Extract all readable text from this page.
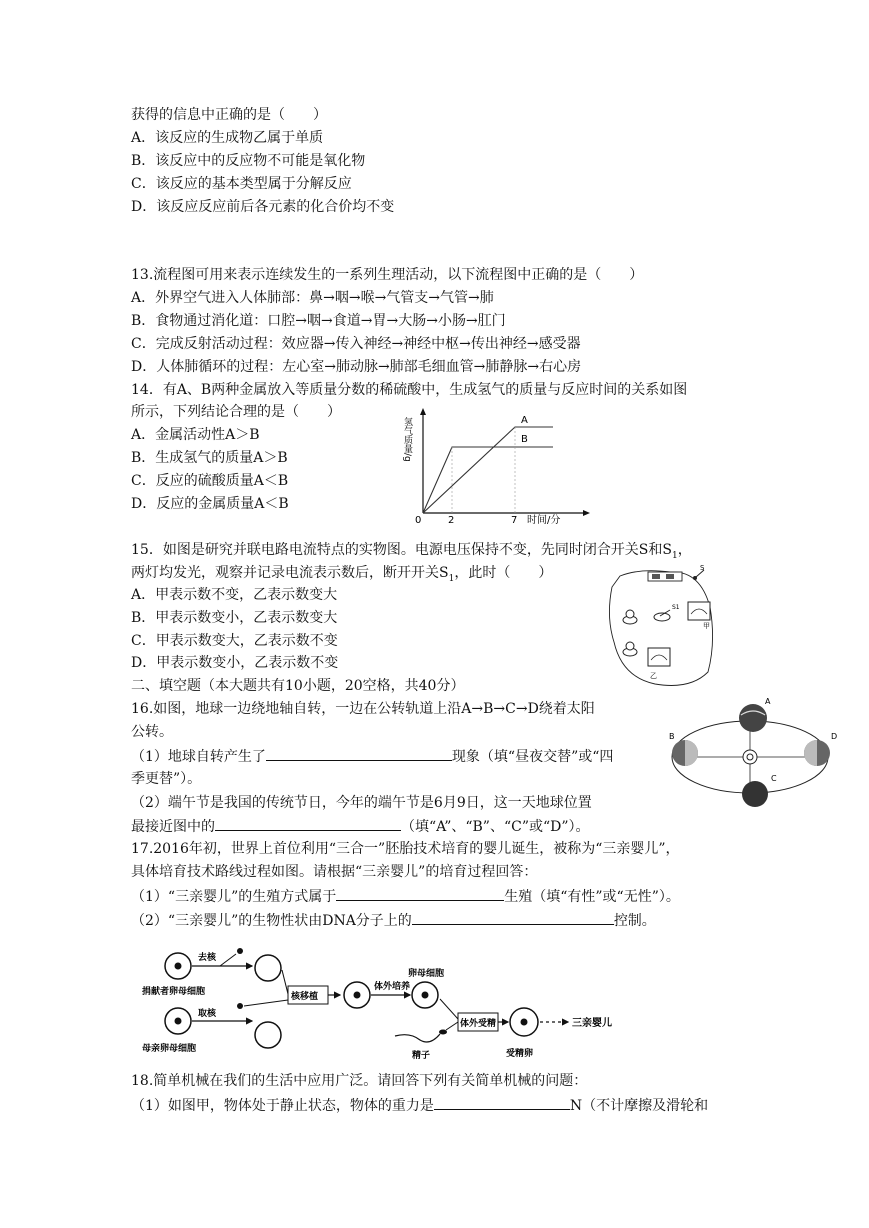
获得的信息中正确的是（　　）
A．该反应的生成物乙属于单质
B．该反应中的反应物不可能是氧化物
C．该反应的基本类型属于分解反应
D．该反应反应前后各元素的化合价均不变
13.流程图可用来表示连续发生的一系列生理活动，以下流程图中正确的是（　　）
A．外界空气进入人体肺部：鼻→咽→喉→气管支→气管→肺
B．食物通过消化道：口腔→咽→食道→胃→大肠→小肠→肛门
C．完成反射活动过程：效应器→传入神经→神经中枢→传出神经→感受器
D．人体肺循环的过程：左心室→肺动脉→肺部毛细血管→肺静脉→右心房
14．有A、B两种金属放入等质量分数的稀硫酸中，生成氢气的质量与反应时间的关系如图
所示，下列结论合理的是（　　）
A．金属活动性A＞B
B．生成氢气的质量A＞B
C．反应的硫酸质量A＜B
D．反应的金属质量A＜B
氢气质量/g
0	2	7 时间/分
A
B
15．如图是研究并联电路电流特点的实物图。电源电压保持不变，先同时闭合开关S和$S_1$，
两灯均发光，观察并记录电流表示数后，断开开关$S_1$，此时（　　）
A．甲表示数不变，乙表示数变大
B．甲表示数变小，乙表示数变大
C．甲表示数变大，乙表示数不变
D．甲表示数变小，乙表示数不变
S
S1
甲
乙
二、填空题（本大题共有10小题，20空格，共40分）
16.如图，地球一边绕地轴自转，一边在公转轨道上沿A→B→C→D绕着太阳
公转。
（1）地球自转产生了	现象（填“昼夜交替”或“四
季更替”）。
（2）端午节是我国的传统节日，今年的端午节是6月9日，这一天地球位置
最接近图中的	（填“A”、“B”、“C”或“D”）。
A
B
C
D
17.2016年初，世界上首位利用“三合一”胚胎技术培育的婴儿诞生，被称为“三亲婴儿”，
具体培育技术路线过程如图。请根据“三亲婴儿”的培育过程回答：
（1）“三亲婴儿”的生殖方式属于	生殖（填“有性”或“无性”）。
（2）“三亲婴儿”的生物性状由DNA分子上的	控制。
捐献者卵母细胞
去核
母亲卵母细胞
取核
核移植
体外培养
卵母细胞
精子
体外受精
受精卵
三亲婴儿
18.简单机械在我们的生活中应用广泛。请回答下列有关简单机械的问题：
（1）如图甲，物体处于静止状态，物体的重力是	N（不计摩擦及滑轮和
